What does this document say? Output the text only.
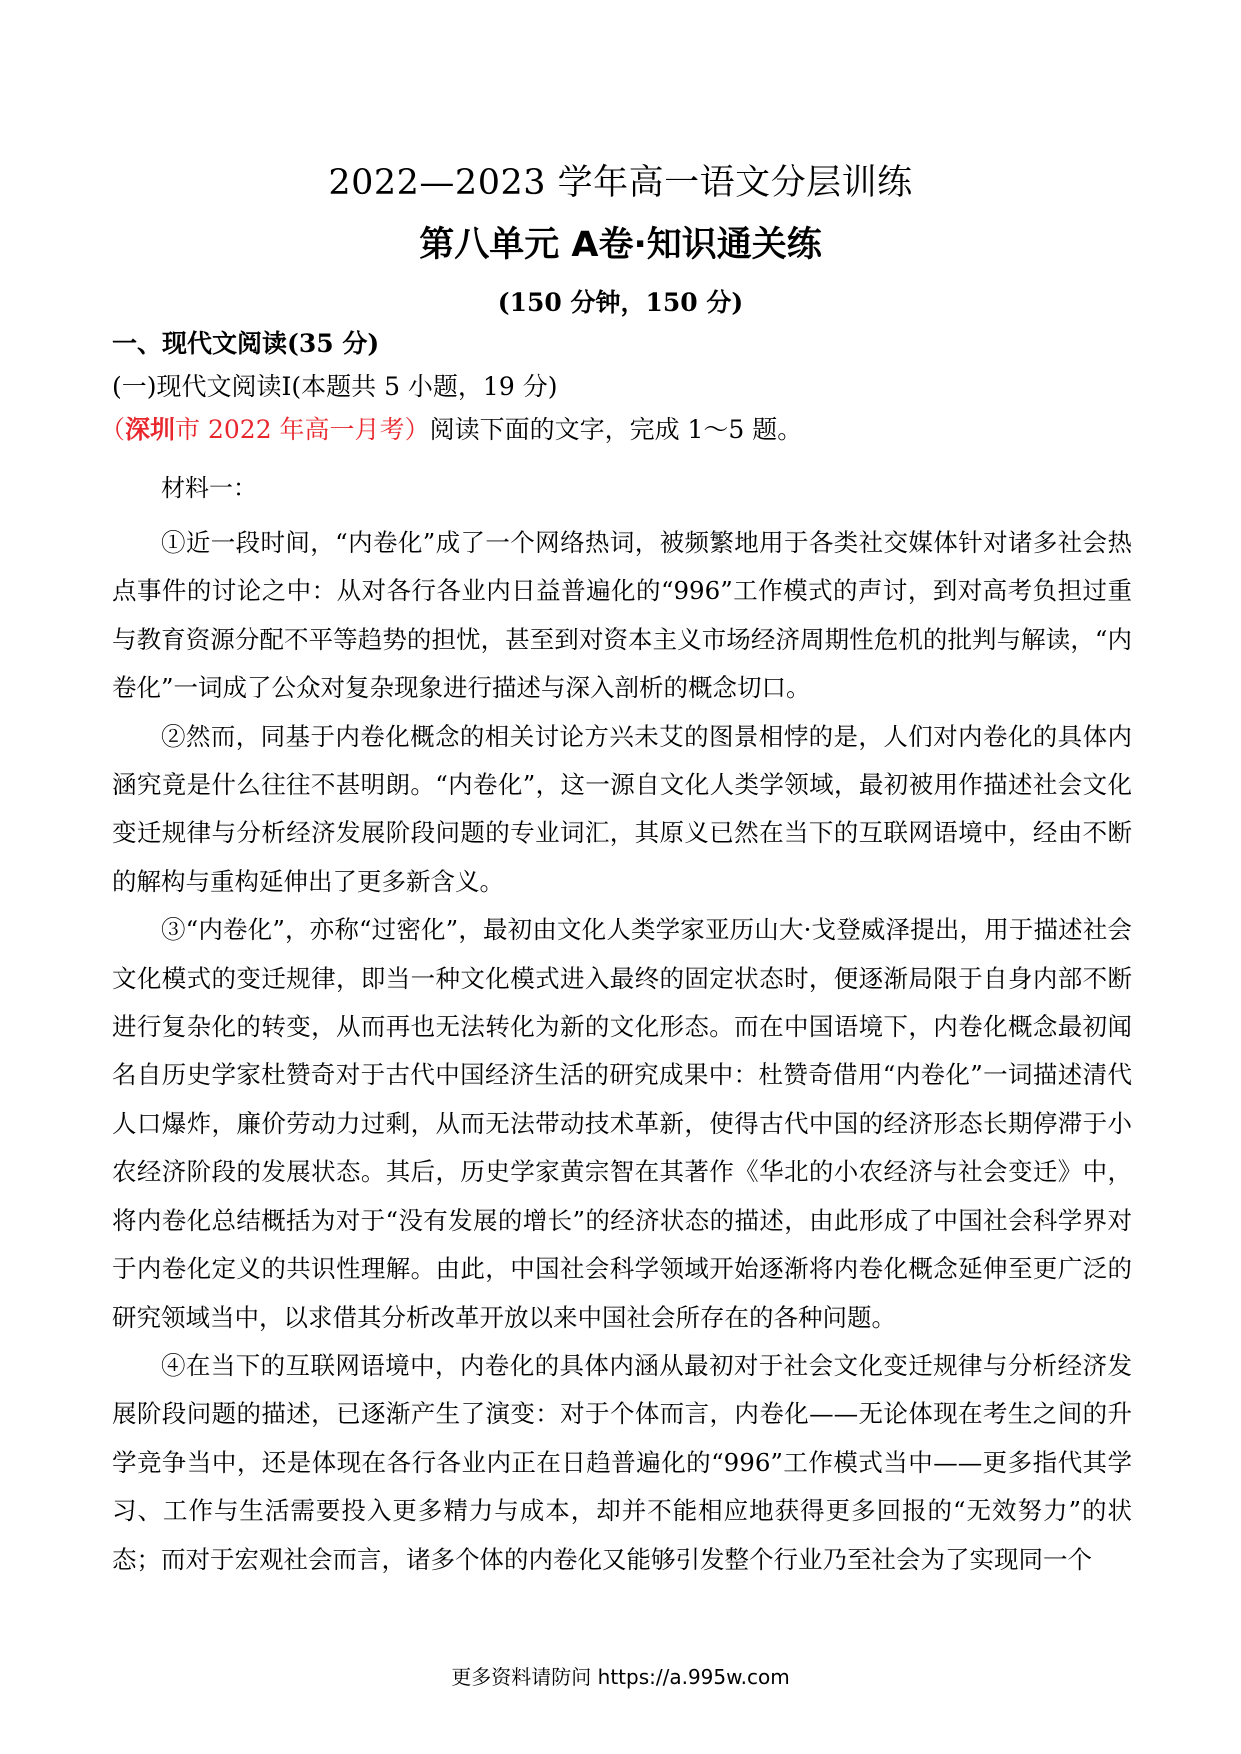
2022—2023 学年高一语文分层训练
第八单元 A卷·知识通关练
(150 分钟，150 分)
一、现代文阅读(35 分)
(一)现代文阅读Ⅰ(本题共 5 小题，19 分)
（深圳市 2022 年高一月考）阅读下面的文字，完成 1～5 题。
材料一：

①近一段时间，“内卷化”成了一个网络热词，被频繁地用于各类社交媒体针对诸多社会热点事件的讨论之中：从对各行各业内日益普遍化的“996”工作模式的声讨，到对高考负担过重与教育资源分配不平等趋势的担忧，甚至到对资本主义市场经济周期性危机的批判与解读，“内卷化”一词成了公众对复杂现象进行描述与深入剖析的概念切口。

②然而，同基于内卷化概念的相关讨论方兴未艾的图景相悖的是，人们对内卷化的具体内涵究竟是什么往往不甚明朗。“内卷化”，这一源自文化人类学领域，最初被用作描述社会文化变迁规律与分析经济发展阶段问题的专业词汇，其原义已然在当下的互联网语境中，经由不断的解构与重构延伸出了更多新含义。

③“内卷化”，亦称“过密化”，最初由文化人类学家亚历山大·戈登威泽提出，用于描述社会文化模式的变迁规律，即当一种文化模式进入最终的固定状态时，便逐渐局限于自身内部不断进行复杂化的转变，从而再也无法转化为新的文化形态。而在中国语境下，内卷化概念最初闻名自历史学家杜赞奇对于古代中国经济生活的研究成果中：杜赞奇借用“内卷化”一词描述清代人口爆炸，廉价劳动力过剩，从而无法带动技术革新，使得古代中国的经济形态长期停滞于小农经济阶段的发展状态。其后，历史学家黄宗智在其著作《华北的小农经济与社会变迁》中，将内卷化总结概括为对于“没有发展的增长”的经济状态的描述，由此形成了中国社会科学界对于内卷化定义的共识性理解。由此，中国社会科学领域开始逐渐将内卷化概念延伸至更广泛的研究领域当中，以求借其分析改革开放以来中国社会所存在的各种问题。

④在当下的互联网语境中，内卷化的具体内涵从最初对于社会文化变迁规律与分析经济发展阶段问题的描述，已逐渐产生了演变：对于个体而言，内卷化——无论体现在考生之间的升学竞争当中，还是体现在各行各业内正在日趋普遍化的“996”工作模式当中——更多指代其学习、工作与生活需要投入更多精力与成本，却并不能相应地获得更多回报的“无效努力”的状态；而对于宏观社会而言，诸多个体的内卷化又能够引发整个行业乃至社会为了实现同一个

更多资料请防问 https://a.995w.com
